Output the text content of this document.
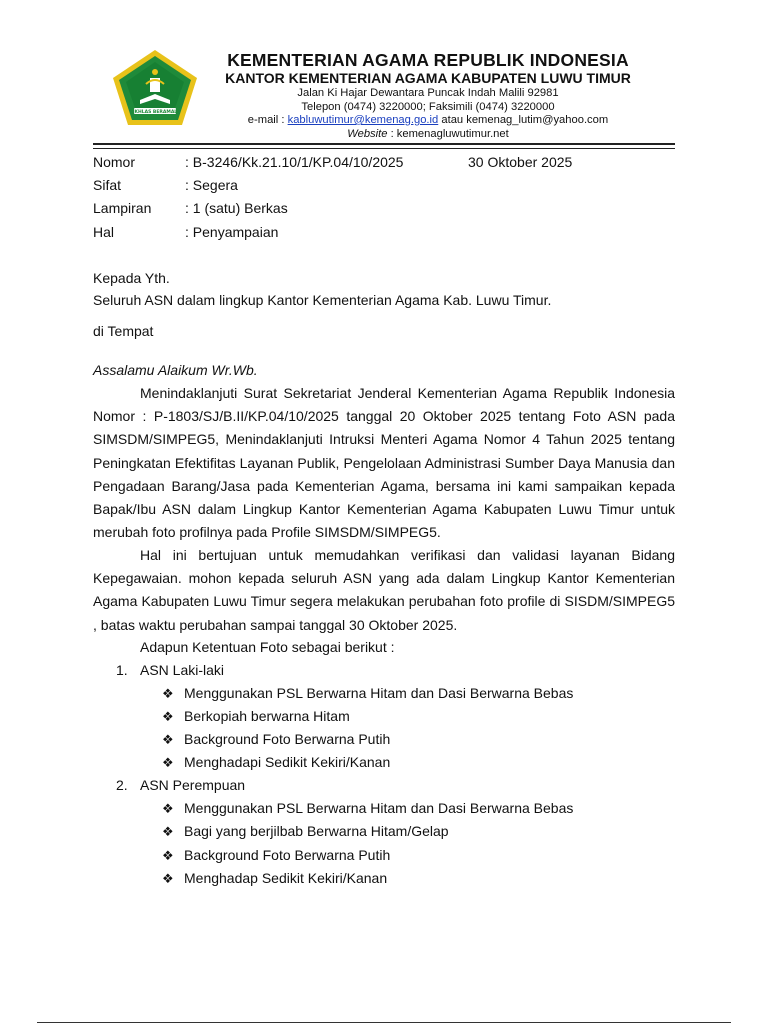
IKHLAS BERAMAL
KEMENTERIAN AGAMA REPUBLIK INDONESIA
KANTOR KEMENTERIAN AGAMA KABUPATEN LUWU TIMUR
Jalan Ki Hajar Dewantara Puncak Indah Malili 92981
Telepon (0474) 3220000; Faksimili (0474) 3220000
e-mail : kabluwutimur@kemenag.go.id atau kemenag_lutim@yahoo.com
Website : kemenagluwutimur.net
Nomor	: B-3246/Kk.21.10/1/KP.04/10/2025	30 Oktober 2025
Sifat	: Segera
Lampiran : 1 (satu) Berkas
Hal	: Penyampaian
Kepada Yth.
Seluruh ASN dalam lingkup Kantor Kementerian Agama Kab. Luwu Timur.
di Tempat
Assalamu Alaikum Wr.Wb.
Menindaklanjuti Surat Sekretariat Jenderal Kementerian Agama Republik Indonesia Nomor : P-1803/SJ/B.II/KP.04/10/2025 tanggal 20 Oktober 2025 tentang Foto ASN pada SIMSDM/SIMPEG5, Menindaklanjuti Intruksi Menteri Agama Nomor 4 Tahun 2025 tentang Peningkatan Efektifitas Layanan Publik, Pengelolaan Administrasi Sumber Daya Manusia dan Pengadaan Barang/Jasa pada Kementerian Agama, bersama ini kami sampaikan kepada Bapak/Ibu ASN dalam Lingkup Kantor Kementerian Agama Kabupaten Luwu Timur untuk merubah foto profilnya pada Profile SIMSDM/SIMPEG5.
Hal ini bertujuan untuk memudahkan verifikasi dan validasi layanan Bidang Kepegawaian. mohon kepada seluruh ASN yang ada dalam Lingkup Kantor Kementerian Agama Kabupaten Luwu Timur segera melakukan perubahan foto profile di SISDM/SIMPEG5 , batas waktu perubahan sampai tanggal 30 Oktober 2025.
Adapun Ketentuan Foto sebagai berikut :
1. ASN Laki-laki
❖ Menggunakan PSL Berwarna Hitam dan Dasi Berwarna Bebas
❖ Berkopiah berwarna Hitam
❖ Background Foto Berwarna Putih
❖ Menghadapi Sedikit Kekiri/Kanan
2. ASN Perempuan
❖ Menggunakan PSL Berwarna Hitam dan Dasi Berwarna Bebas
❖ Bagi yang berjilbab Berwarna Hitam/Gelap
❖ Background Foto Berwarna Putih
❖ Menghadap Sedikit Kekiri/Kanan
